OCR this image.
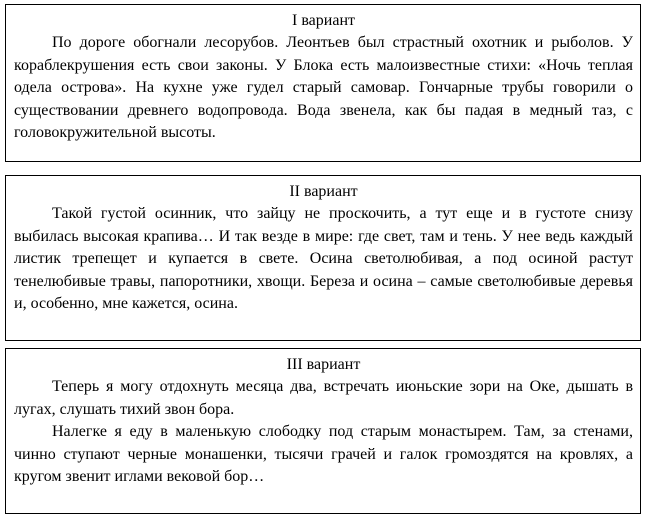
I вариант

По дороге обогнали лесорубов. Леонтьев был страстный охотник и рыболов. У кораблекрушения есть свои законы. У Блока есть малоизвестные стихи: «Ночь теплая одела острова». На кухне уже гудел старый самовар. Гончарные трубы говорили о существовании древнего водопровода. Вода звенела, как бы падая в медный таз, с головокружительной высоты.

II вариант

Такой густой осинник, что зайцу не проскочить, а тут еще и в густоте снизу выбилась высокая крапива… И так везде в мире: где свет, там и тень. У нее ведь каждый листик трепещет и купается в свете. Осина светолюбивая, а под осиной растут тенелюбивые травы, папоротники, хвощи. Береза и осина – самые светолюбивые деревья и, особенно, мне кажется, осина.

III вариант

Теперь я могу отдохнуть месяца два, встречать июньские зори на Оке, дышать в лугах, слушать тихий звон бора.

Налегке я еду в маленькую слободку под старым монастырем. Там, за стенами, чинно ступают черные монашенки, тысячи грачей и галок громоздятся на кровлях, а кругом звенит иглами вековой бор…
